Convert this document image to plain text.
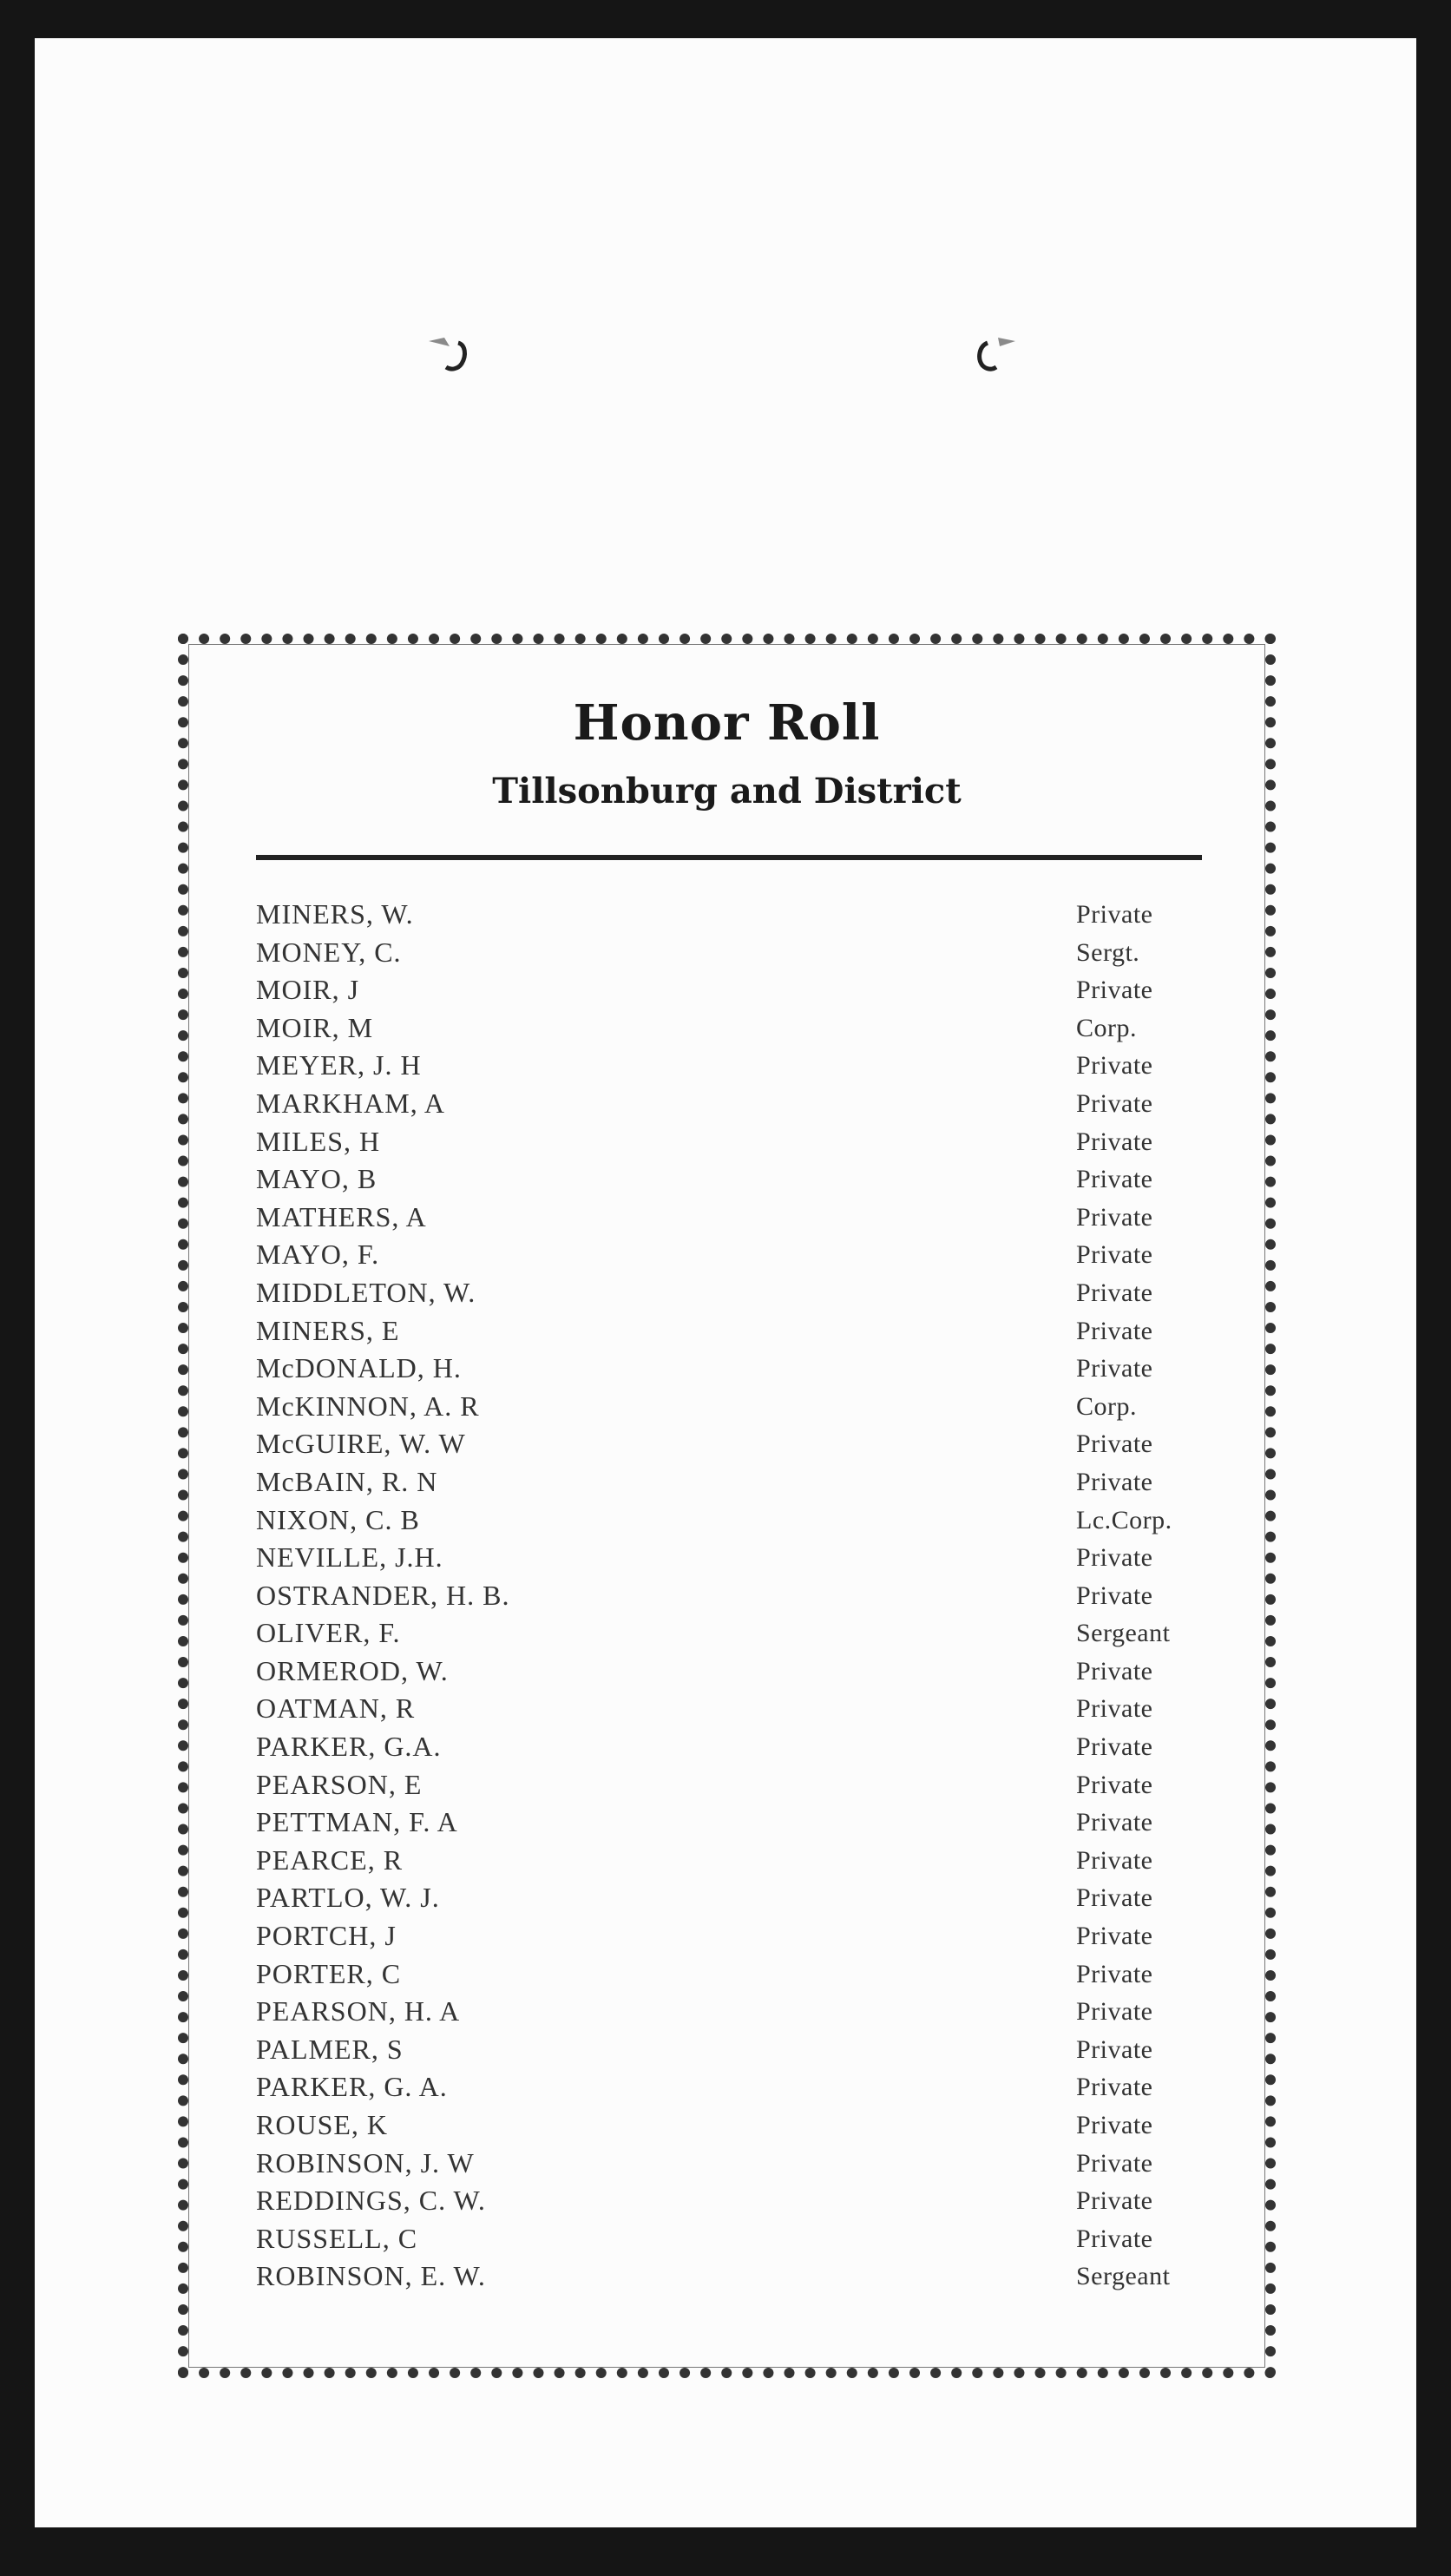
Honor Roll
Tillsonburg and District
MINERS, W.	Private
MONEY, C.	Sergt.
MOIR, J	Private
MOIR, M	Corp.
MEYER, J. H	Private
MARKHAM, A	Private
MILES, H	Private
MAYO, B	Private
MATHERS, A	Private
MAYO, F.	Private
MIDDLETON, W.	Private
MINERS, E	Private
McDONALD, H.	Private
McKINNON, A. R	Corp.
McGUIRE, W. W	Private
McBAIN, R. N	Private
NIXON, C. B	Lc.Corp.
NEVILLE, J.H.	Private
OSTRANDER, H. B.	Private
OLIVER, F.	Sergeant
ORMEROD, W.	Private
OATMAN, R	Private
PARKER, G.A.	Private
PEARSON, E	Private
PETTMAN, F. A	Private
PEARCE, R	Private
PARTLO, W. J.	Private
PORTCH, J	Private
PORTER, C	Private
PEARSON, H. A	Private
PALMER, S	Private
PARKER, G. A.	Private
ROUSE, K	Private
ROBINSON, J. W	Private
REDDINGS, C. W.	Private
RUSSELL, C	Private
ROBINSON, E. W.	Sergeant
